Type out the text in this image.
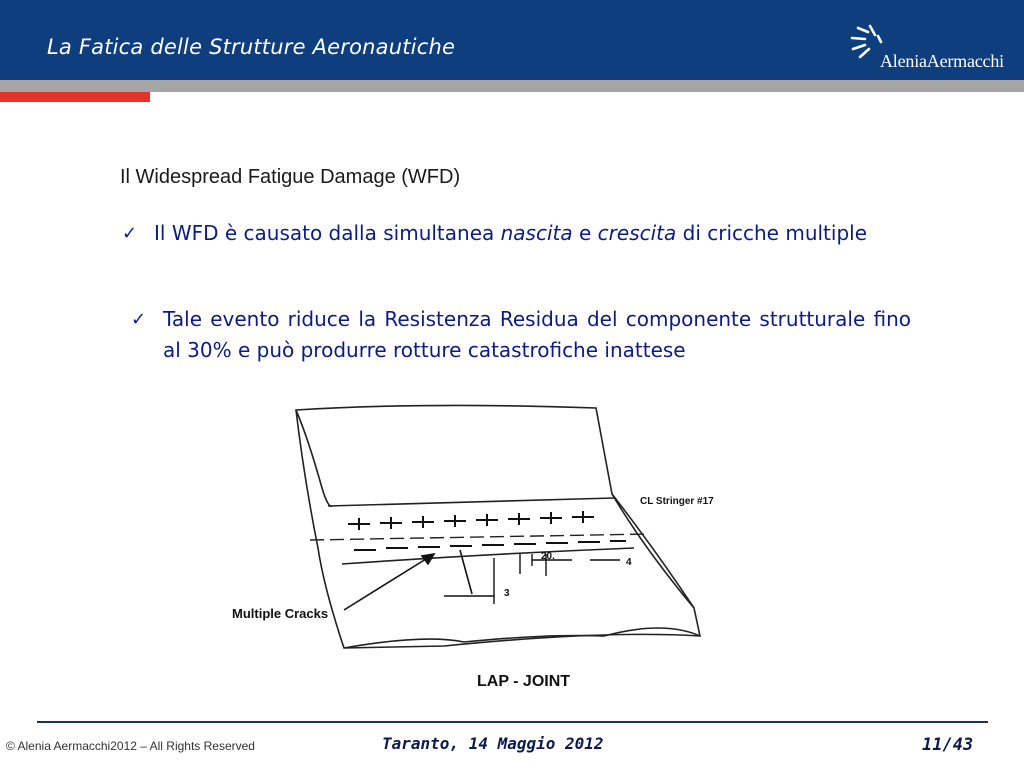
La Fatica delle Strutture Aeronautiche
AleniaAermacchi
Il Widespread Fatigue Damage (WFD)
✓ Il WFD è causato dalla simultanea nascita e crescita di cricche multiple

✓ Tale evento riduce la Resistenza Residua del componente strutturale fino al 30% e può produrre rotture catastrofiche inattese

CL Stringer #17
20.
3
4
Multiple Cracks
LAP - JOINT
© Alenia Aermacchi2012 – All Rights Reserved	Taranto, 14 Maggio 2012	11/43
